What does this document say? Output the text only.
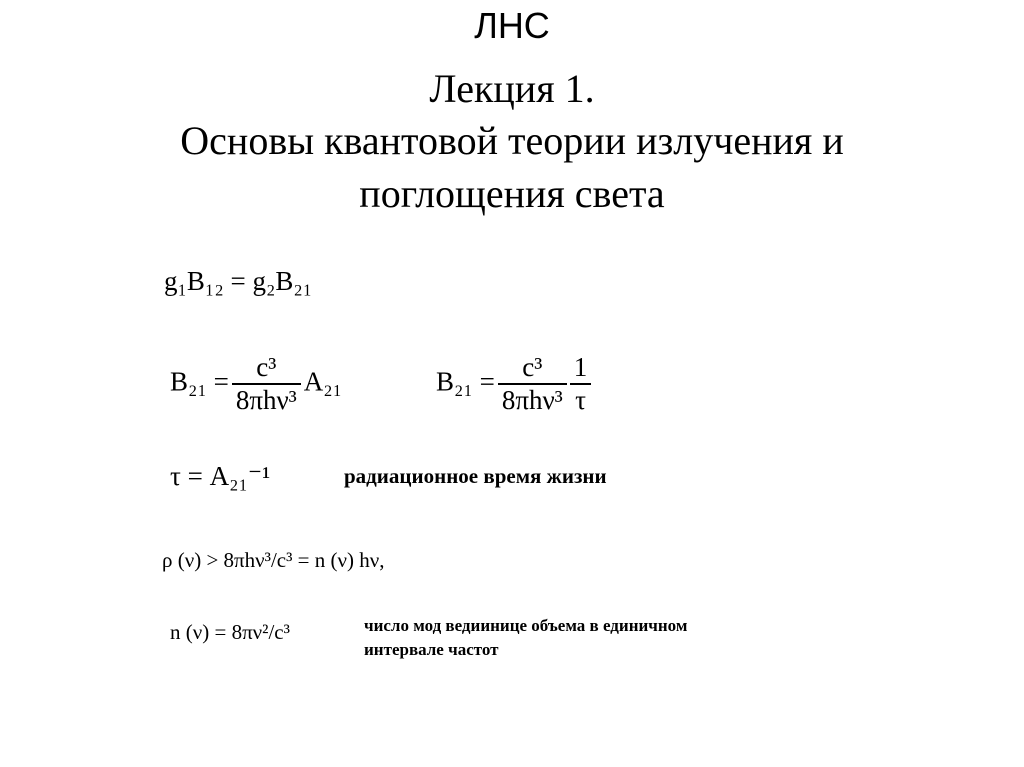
ЛНС
Лекция 1.
Основы квантовой теории излучения и
поглощения света
g₁B₁₂ = g₂B₂₁
$B_{21} = \frac{\text{c³}}{\text{8πhν³}} A_{21}$	$B_{21} = \frac{\text{c³}}{\text{8πhν³}} \frac{1}{\tau}$
τ = A₂₁⁻¹	радиационное время жизни
ρ (ν) > 8πhν³/c³ = n (ν) hν,
n (ν) = 8πν²/c³	число мод ведиинице объема в единичном
интервале частот
